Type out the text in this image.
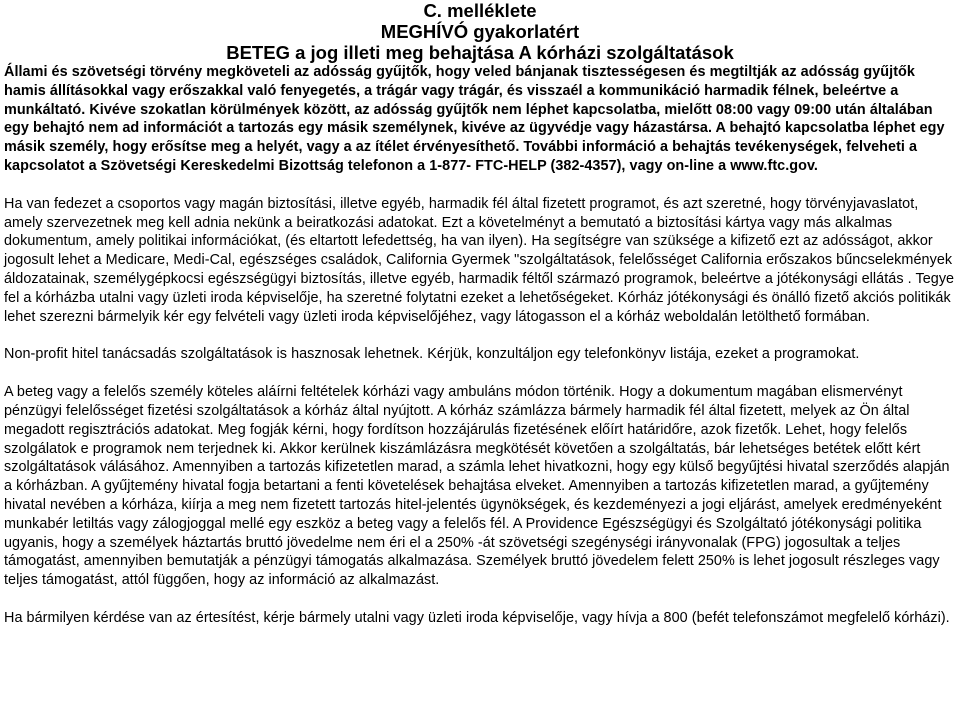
C. melléklete
MEGHÍVÓ gyakorlatért
BETEG a jog illeti meg behajtása A kórházi szolgáltatások

Állami és szövetségi törvény megköveteli az adósság gyűjtők, hogy veled bánjanak tisztességesen és megtiltják az adósság gyűjtők hamis állításokkal vagy erőszakkal való fenyegetés, a trágár vagy trágár, és visszaél a kommunikáció harmadik félnek, beleértve a munkáltató. Kivéve szokatlan körülmények között, az adósság gyűjtők nem léphet kapcsolatba, mielőtt 08:00 vagy 09:00 után általában egy behajtó nem ad információt a tartozás egy másik személynek, kivéve az ügyvédje vagy házastársa. A behajtó kapcsolatba léphet egy másik személy, hogy erősítse meg a helyét, vagy a az ítélet érvényesíthető. További információ a behajtás tevékenységek, felveheti a kapcsolatot a Szövetségi Kereskedelmi Bizottság telefonon a 1-877- FTC-HELP (382-4357), vagy on-line a www.ftc.gov.

Ha van fedezet a csoportos vagy magán biztosítási, illetve egyéb, harmadik fél által fizetett programot, és azt szeretné, hogy törvényjavaslatot, amely szervezetnek meg kell adnia nekünk a beiratkozási adatokat. Ezt a követelményt a bemutató a biztosítási kártya vagy más alkalmas dokumentum, amely politikai információkat, (és eltartott lefedettség, ha van ilyen). Ha segítségre van szüksége a kifizető ezt az adósságot, akkor jogosult lehet a Medicare, Medi-Cal, egészséges családok, California Gyermek "szolgáltatások, felelősséget California erőszakos bűncselekmények áldozatainak, személygépkocsi egészségügyi biztosítás, illetve egyéb, harmadik féltől származó programok, beleértve a jótékonysági ellátás . Tegye fel a kórházba utalni vagy üzleti iroda képviselője, ha szeretné folytatni ezeket a lehetőségeket. Kórház jótékonysági és önálló fizető akciós politikák lehet szerezni bármelyik kér egy felvételi vagy üzleti iroda képviselőjéhez, vagy látogasson el a kórház weboldalán letölthető formában.

Non-profit hitel tanácsadás szolgáltatások is hasznosak lehetnek. Kérjük, konzultáljon egy telefonkönyv listája, ezeket a programokat.

A beteg vagy a felelős személy köteles aláírni feltételek kórházi vagy ambuláns módon történik. Hogy a dokumentum magában elismervényt pénzügyi felelősséget fizetési szolgáltatások a kórház által nyújtott. A kórház számlázza bármely harmadik fél által fizetett, melyek az Ön által megadott regisztrációs adatokat. Meg fogják kérni, hogy fordítson hozzájárulás fizetésének előírt határidőre, azok fizetők. Lehet, hogy felelős szolgálatok e programok nem terjednek ki. Akkor kerülnek kiszámlázásra megkötését követően a szolgáltatás, bár lehetséges betétek előtt kért szolgáltatások válásához. Amennyiben a tartozás kifizetetlen marad, a számla lehet hivatkozni, hogy egy külső begyűjtési hivatal szerződés alapján a kórházban. A gyűjtemény hivatal fogja betartani a fenti követelések behajtása elveket. Amennyiben a tartozás kifizetetlen marad, a gyűjtemény hivatal nevében a kórháza, kiírja a meg nem fizetett tartozás hitel-jelentés ügynökségek, és kezdeményezi a jogi eljárást, amelyek eredményeként munkabér letiltás vagy zálogjoggal mellé egy eszköz a beteg vagy a felelős fél. A Providence Egészségügyi és Szolgáltató jótékonysági politika ugyanis, hogy a személyek háztartás bruttó jövedelme nem éri el a 250% -át szövetségi szegénységi irányvonalak (FPG) jogosultak a teljes támogatást, amennyiben bemutatják a pénzügyi támogatás alkalmazása. Személyek bruttó jövedelem felett 250% is lehet jogosult részleges vagy teljes támogatást, attól függően, hogy az információ az alkalmazást.

Ha bármilyen kérdése van az értesítést, kérje bármely utalni vagy üzleti iroda képviselője, vagy hívja a 800 (befét telefonszámot megfelelő kórházi).
